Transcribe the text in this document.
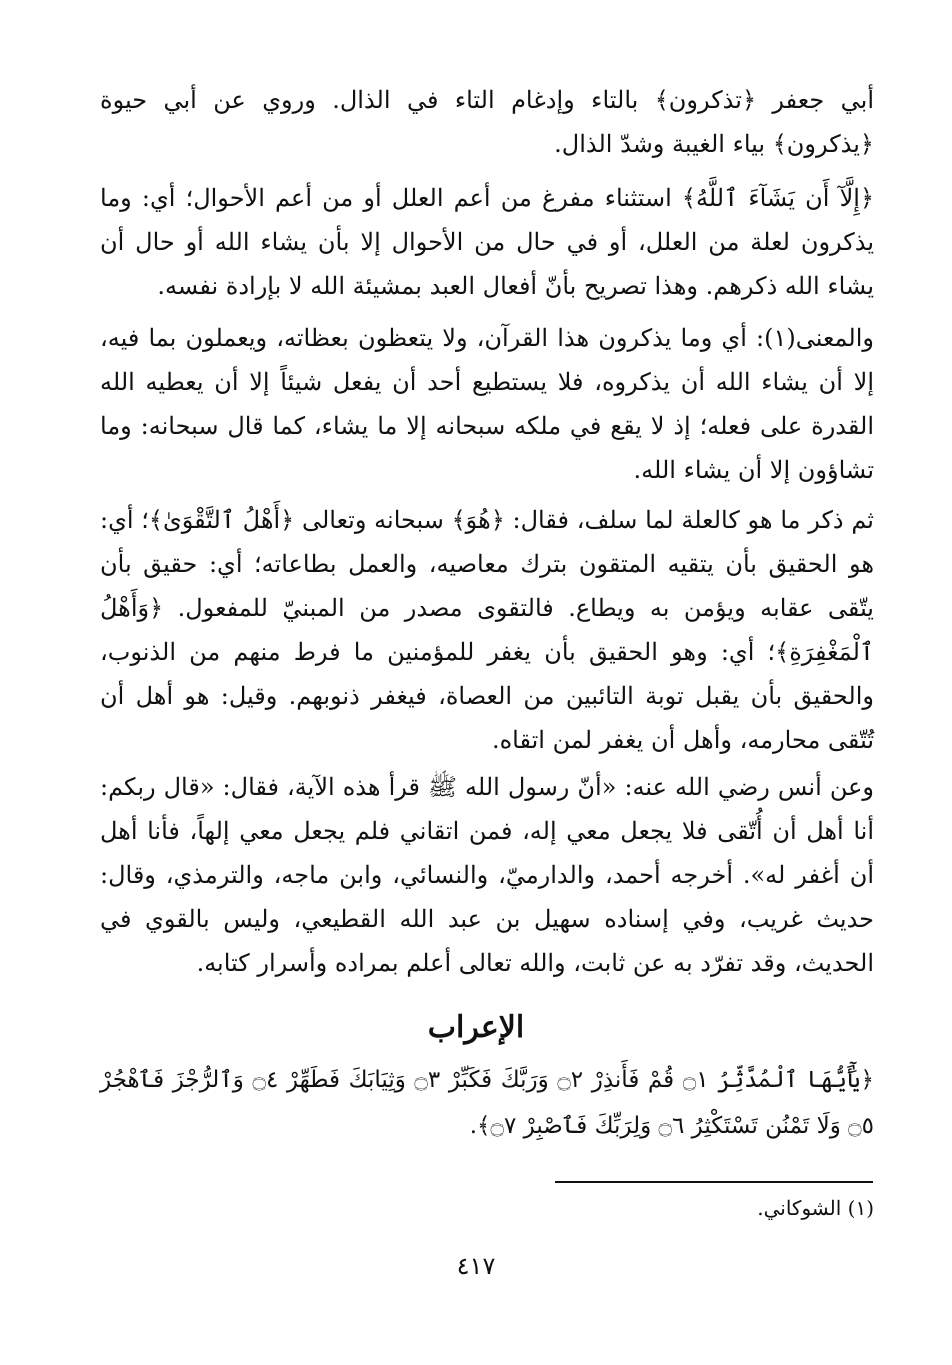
أبي جعفر ﴿تذكرون﴾ بالتاء وإدغام التاء في الذال. وروي عن أبي حيوة ﴿يذكرون﴾ بياء الغيبة وشدّ الذال.

﴿إِلَّآ أَن يَشَآءَ ٱللَّهُ﴾ استثناء مفرغ من أعم العلل أو من أعم الأحوال؛ أي: وما يذكرون لعلة من العلل، أو في حال من الأحوال إلا بأن يشاء الله أو حال أن يشاء الله ذكرهم. وهذا تصريح بأنّ أفعال العبد بمشيئة الله لا بإرادة نفسه.

والمعنى(١): أي وما يذكرون هذا القرآن، ولا يتعظون بعظاته، ويعملون بما فيه، إلا أن يشاء الله أن يذكروه، فلا يستطيع أحد أن يفعل شيئاً إلا أن يعطيه الله القدرة على فعله؛ إذ لا يقع في ملكه سبحانه إلا ما يشاء، كما قال سبحانه: وما تشاؤون إلا أن يشاء الله.

ثم ذكر ما هو كالعلة لما سلف، فقال: ﴿هُوَ﴾ سبحانه وتعالى ﴿أَهْلُ ٱلتَّقْوَىٰ﴾؛ أي: هو الحقيق بأن يتقيه المتقون بترك معاصيه، والعمل بطاعاته؛ أي: حقيق بأن يتّقى عقابه ويؤمن به ويطاع. فالتقوى مصدر من المبنيّ للمفعول. ﴿وَأَهْلُ ٱلْمَغْفِرَةِ﴾؛ أي: وهو الحقيق بأن يغفر للمؤمنين ما فرط منهم من الذنوب، والحقيق بأن يقبل توبة التائبين من العصاة، فيغفر ذنوبهم. وقيل: هو أهل أن تُتّقى محارمه، وأهل أن يغفر لمن اتقاه.

وعن أنس رضي الله عنه: «أنّ رسول الله ﷺ قرأ هذه الآية، فقال: «قال ربكم: أنا أهل أن أُتّقى فلا يجعل معي إله، فمن اتقاني فلم يجعل معي إلهاً، فأنا أهل أن أغفر له». أخرجه أحمد، والدارميّ، والنسائي، وابن ماجه، والترمذي، وقال: حديث غريب، وفي إسناده سهيل بن عبد الله القطيعي، وليس بالقوي في الحديث، وقد تفرّد به عن ثابت، والله تعالى أعلم بمراده وأسرار كتابه.

الإعراب
﴿يَٰٓأَيُّهَا ٱلْمُدَّثِّرُ ۝١ قُمْ فَأَنذِرْ ۝٢ وَرَبَّكَ فَكَبِّرْ ۝٣ وَثِيَابَكَ فَطَهِّرْ ۝٤ وَٱلرُّجْزَ فَٱهْجُرْ ۝٥ وَلَا تَمْنُن تَسْتَكْثِرُ ۝٦ وَلِرَبِّكَ فَٱصْبِرْ ۝٧﴾.
(١) الشوكاني.
٤١٧
